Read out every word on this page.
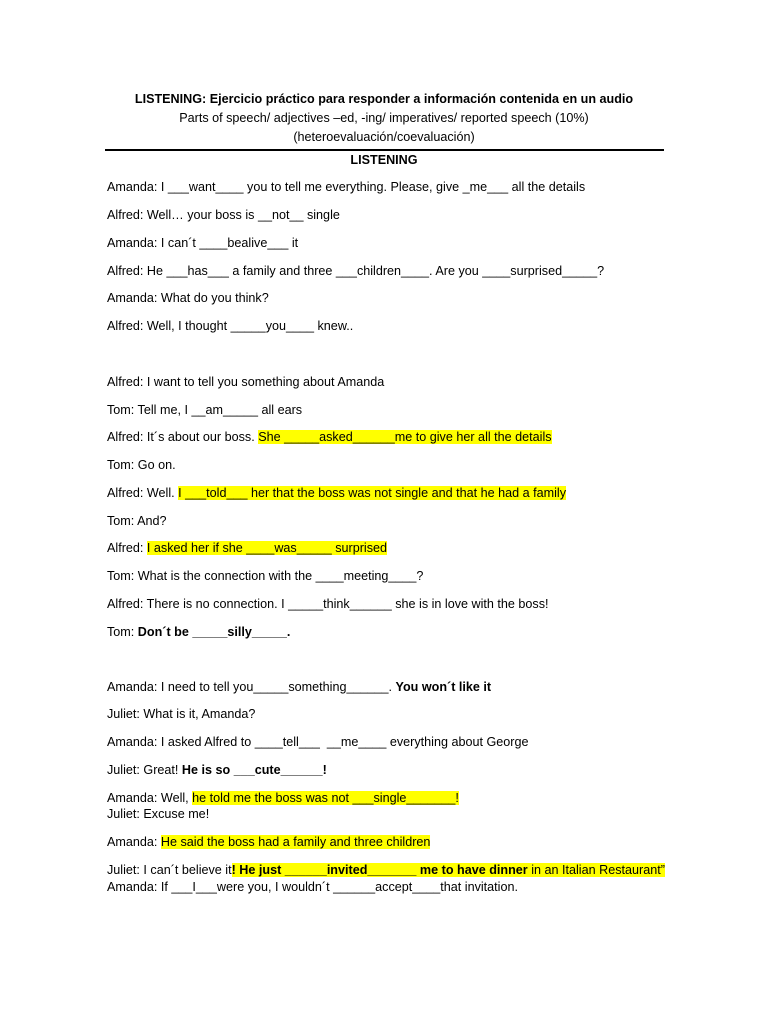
LISTENING: Ejercicio práctico para responder a información contenida en un audio
Parts of speech/ adjectives –ed, -ing/ imperatives/ reported speech (10%)
(heteroevaluación/coevaluación)
LISTENING
Amanda: I ___want____ you to tell me everything. Please, give _me___ all the details
Alfred: Well… your boss is __not__ single
Amanda: I can´t ____bealive___ it
Alfred: He ___has___ a family and three ___children____. Are you ____surprised_____?
Amanda: What do you think?
Alfred: Well, I thought _____you____ knew..
Alfred: I want to tell you something about Amanda
Tom: Tell me, I __am_____ all ears
Alfred: It´s about our boss. She _____asked______me to give her all the details
Tom: Go on.
Alfred: Well. I ___told___ her that the boss was not single and that he had a family
Tom: And?
Alfred: I asked her if she ____was_____ surprised
Tom: What is the connection with the ____meeting____?
Alfred: There is no connection. I _____think______ she is in love with the boss!
Tom: Don´t be _____silly_____.
Amanda: I need to tell you_____something______. You won´t like it
Juliet: What is it, Amanda?
Amanda: I asked Alfred to ____tell___  __me____ everything about George
Juliet: Great! He is so ___cute______!
Amanda: Well, he told me the boss was not ___single_______!
Juliet: Excuse me!
Amanda: He said the boss had a family and three children
Juliet: I can´t believe it! He just ______invited_______ me to have dinner in an Italian Restaurant”
Amanda: If ___I___were you, I wouldn´t ______accept____that invitation.
